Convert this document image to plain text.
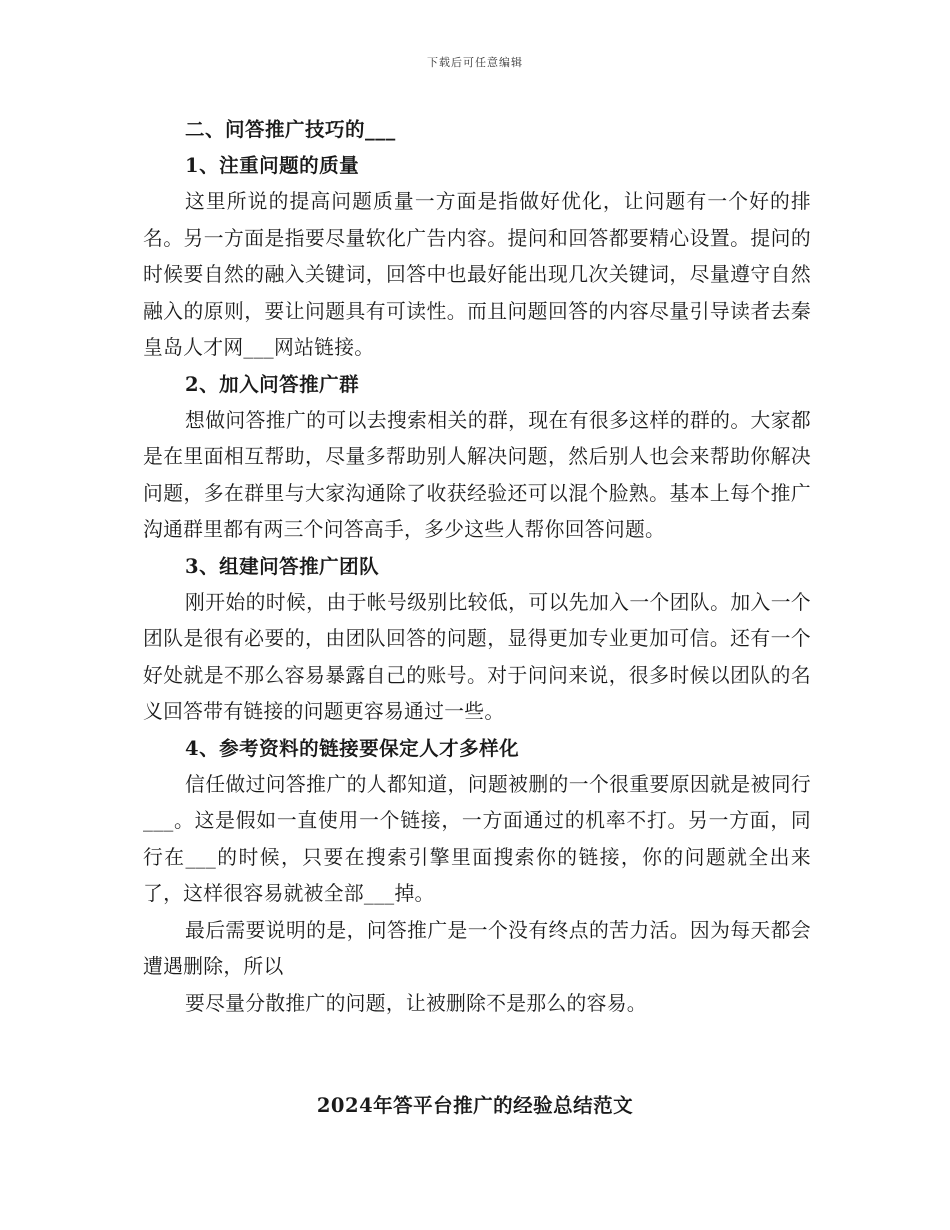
下载后可任意编辑
二、问答推广技巧的___
1、注重问题的质量

这里所说的提高问题质量一方面是指做好优化，让问题有一个好的排名。另一方面是指要尽量软化广告内容。提问和回答都要精心设置。提问的时候要自然的融入关键词，回答中也最好能出现几次关键词，尽量遵守自然融入的原则，要让问题具有可读性。而且问题回答的内容尽量引导读者去秦皇岛人才网___网站链接。

2、加入问答推广群

想做问答推广的可以去搜索相关的群，现在有很多这样的群的。大家都是在里面相互帮助，尽量多帮助别人解决问题，然后别人也会来帮助你解决问题，多在群里与大家沟通除了收获经验还可以混个脸熟。基本上每个推广沟通群里都有两三个问答高手，多少这些人帮你回答问题。

3、组建问答推广团队

刚开始的时候，由于帐号级别比较低，可以先加入一个团队。加入一个团队是很有必要的，由团队回答的问题，显得更加专业更加可信。还有一个好处就是不那么容易暴露自己的账号。对于问问来说，很多时候以团队的名义回答带有链接的问题更容易通过一些。

4、参考资料的链接要保定人才多样化

信任做过问答推广的人都知道，问题被删的一个很重要原因就是被同行___。这是假如一直使用一个链接，一方面通过的机率不打。另一方面，同行在___的时候，只要在搜索引擎里面搜索你的链接，你的问题就全出来了，这样很容易就被全部___掉。

最后需要说明的是，问答推广是一个没有终点的苦力活。因为每天都会遭遇删除，所以

要尽量分散推广的问题，让被删除不是那么的容易。

2024年答平台推广的经验总结范文
